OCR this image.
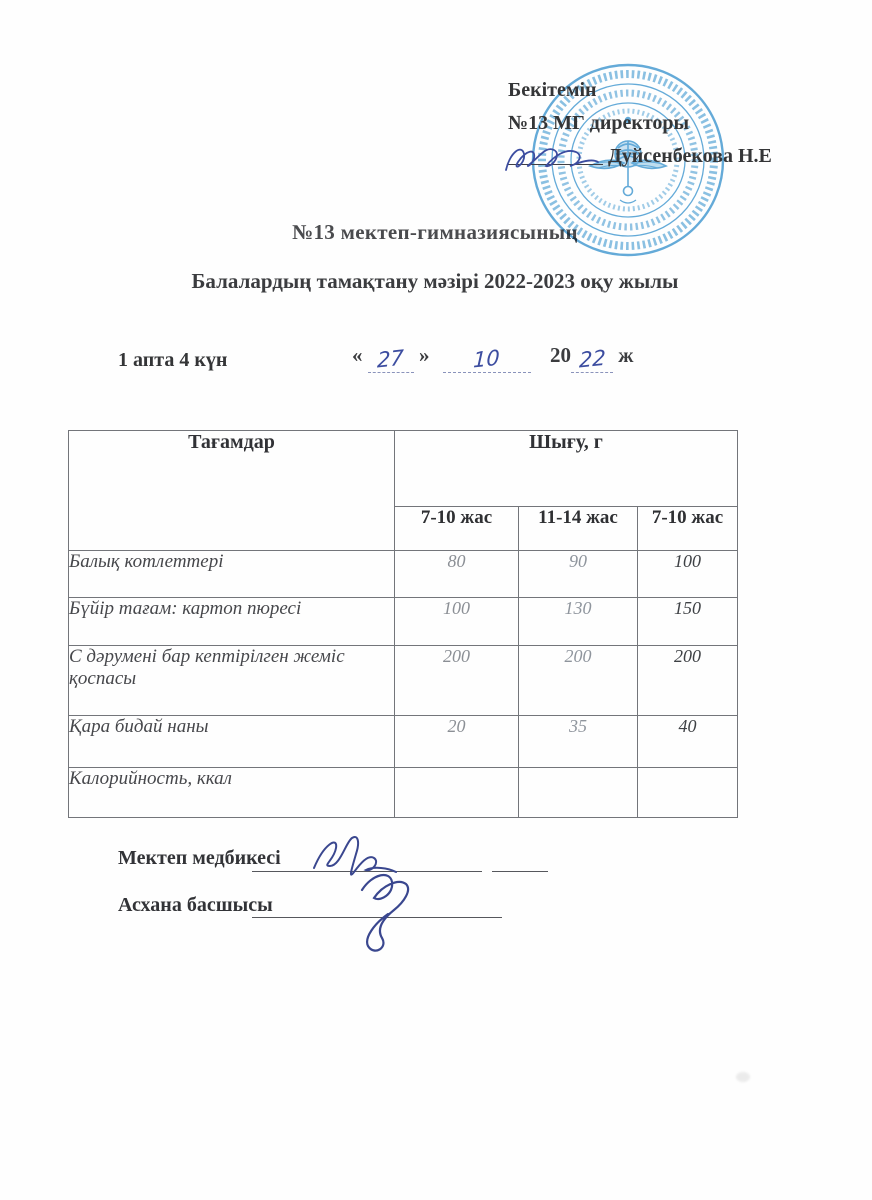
Бекітемін
№13 МГ директоры
Дуйсенбекова Н.Е
№13 мектеп-гимназиясының
Балалардың тамақтану мәзірі 2022-2023 оқу жылы
1 апта 4 күн	« 27 » 10 20 22 ж
Тағамдар	Шығу, г		
	7-10 жас	11-14 жас	7-10 жас
Балық котлеттері	80	90	100
Бүйір тағам: картоп пюресі	100	130	150
С дәрумені бар кептірілген жеміс қоспасы	200	200	200
Қара бидай наны	20	35	40
Калорийность, ккал			
Мектеп медбикесі
Асхана басшысы
